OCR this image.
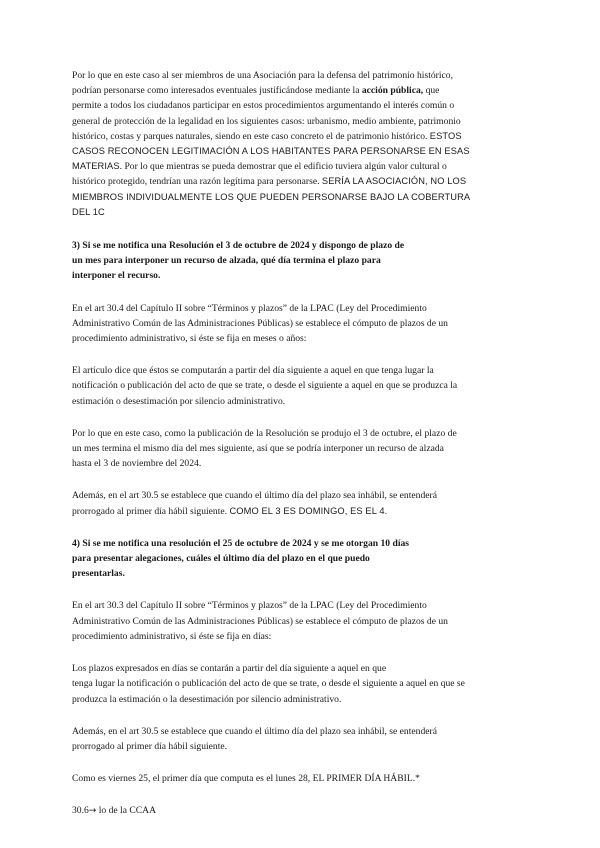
Por lo que en este caso al ser miembros de una Asociación para la defensa del patrimonio histórico,
podrían personarse como interesados eventuales justificándose mediante la acción pública, que
permite a todos los ciudadanos participar en estos procedimientos argumentando el interés común o
general de protección de la legalidad en los siguientes casos: urbanismo, medio ambiente, patrimonio
histórico, costas y parques naturales, siendo en este caso concreto el de patrimonio histórico. ESTOS
CASOS RECONOCEN LEGITIMACIÓN A LOS HABITANTES PARA PERSONARSE EN ESAS
MATERIAS. Por lo que mientras se pueda demostrar que el edificio tuviera algún valor cultural o
histórico protegido, tendrían una razón legítima para personarse. SERÍA LA ASOCIACIÓN, NO LOS
MIEMBROS INDIVIDUALMENTE LOS QUE PUEDEN PERSONARSE BAJO LA COBERTURA
DEL 1C
3) Si se me notifica una Resolución el 3 de octubre de 2024 y dispongo de plazo de
un mes para interponer un recurso de alzada, qué día termina el plazo para
interponer el recurso.
En el art 30.4 del Capítulo II sobre “Términos y plazos” de la LPAC (Ley del Procedimiento
Administrativo Común de las Administraciones Públicas) se establece el cómputo de plazos de un
procedimiento administrativo, si éste se fija en meses o años:
El artículo dice que éstos se computarán a partir del día siguiente a aquel en que tenga lugar la
notificación o publicación del acto de que se trate, o desde el siguiente a aquel en que se produzca la
estimación o desestimación por silencio administrativo.
Por lo que en este caso, como la publicación de la Resolución se produjo el 3 de octubre, el plazo de
un mes termina el mismo día del mes siguiente, así que se podría interponer un recurso de alzada
hasta el 3 de noviembre del 2024.
Además, en el art 30.5 se establece que cuando el último día del plazo sea inhábil, se entenderá
prorrogado al primer día hábil siguiente. COMO EL 3 ES DOMINGO, ES EL 4.
4) Si se me notifica una resolución el 25 de octubre de 2024 y se me otorgan 10 días
para presentar alegaciones, cuáles el último día del plazo en el que puedo
presentarlas.
En el art 30.3 del Capítulo II sobre “Términos y plazos” de la LPAC (Ley del Procedimiento
Administrativo Común de las Administraciones Públicas) se establece el cómputo de plazos de un
procedimiento administrativo, si éste se fija en días:
Los plazos expresados en días se contarán a partir del día siguiente a aquel en que
tenga lugar la notificación o publicación del acto de que se trate, o desde el siguiente a aquel en que se
produzca la estimación o la desestimación por silencio administrativo.
Además, en el art 30.5 se establece que cuando el último día del plazo sea inhábil, se entenderá
prorrogado al primer día hábil siguiente.
Como es viernes 25, el primer día que computa es el lunes 28, EL PRIMER DÍA HÁBIL.*
30.6→ lo de la CCAA
